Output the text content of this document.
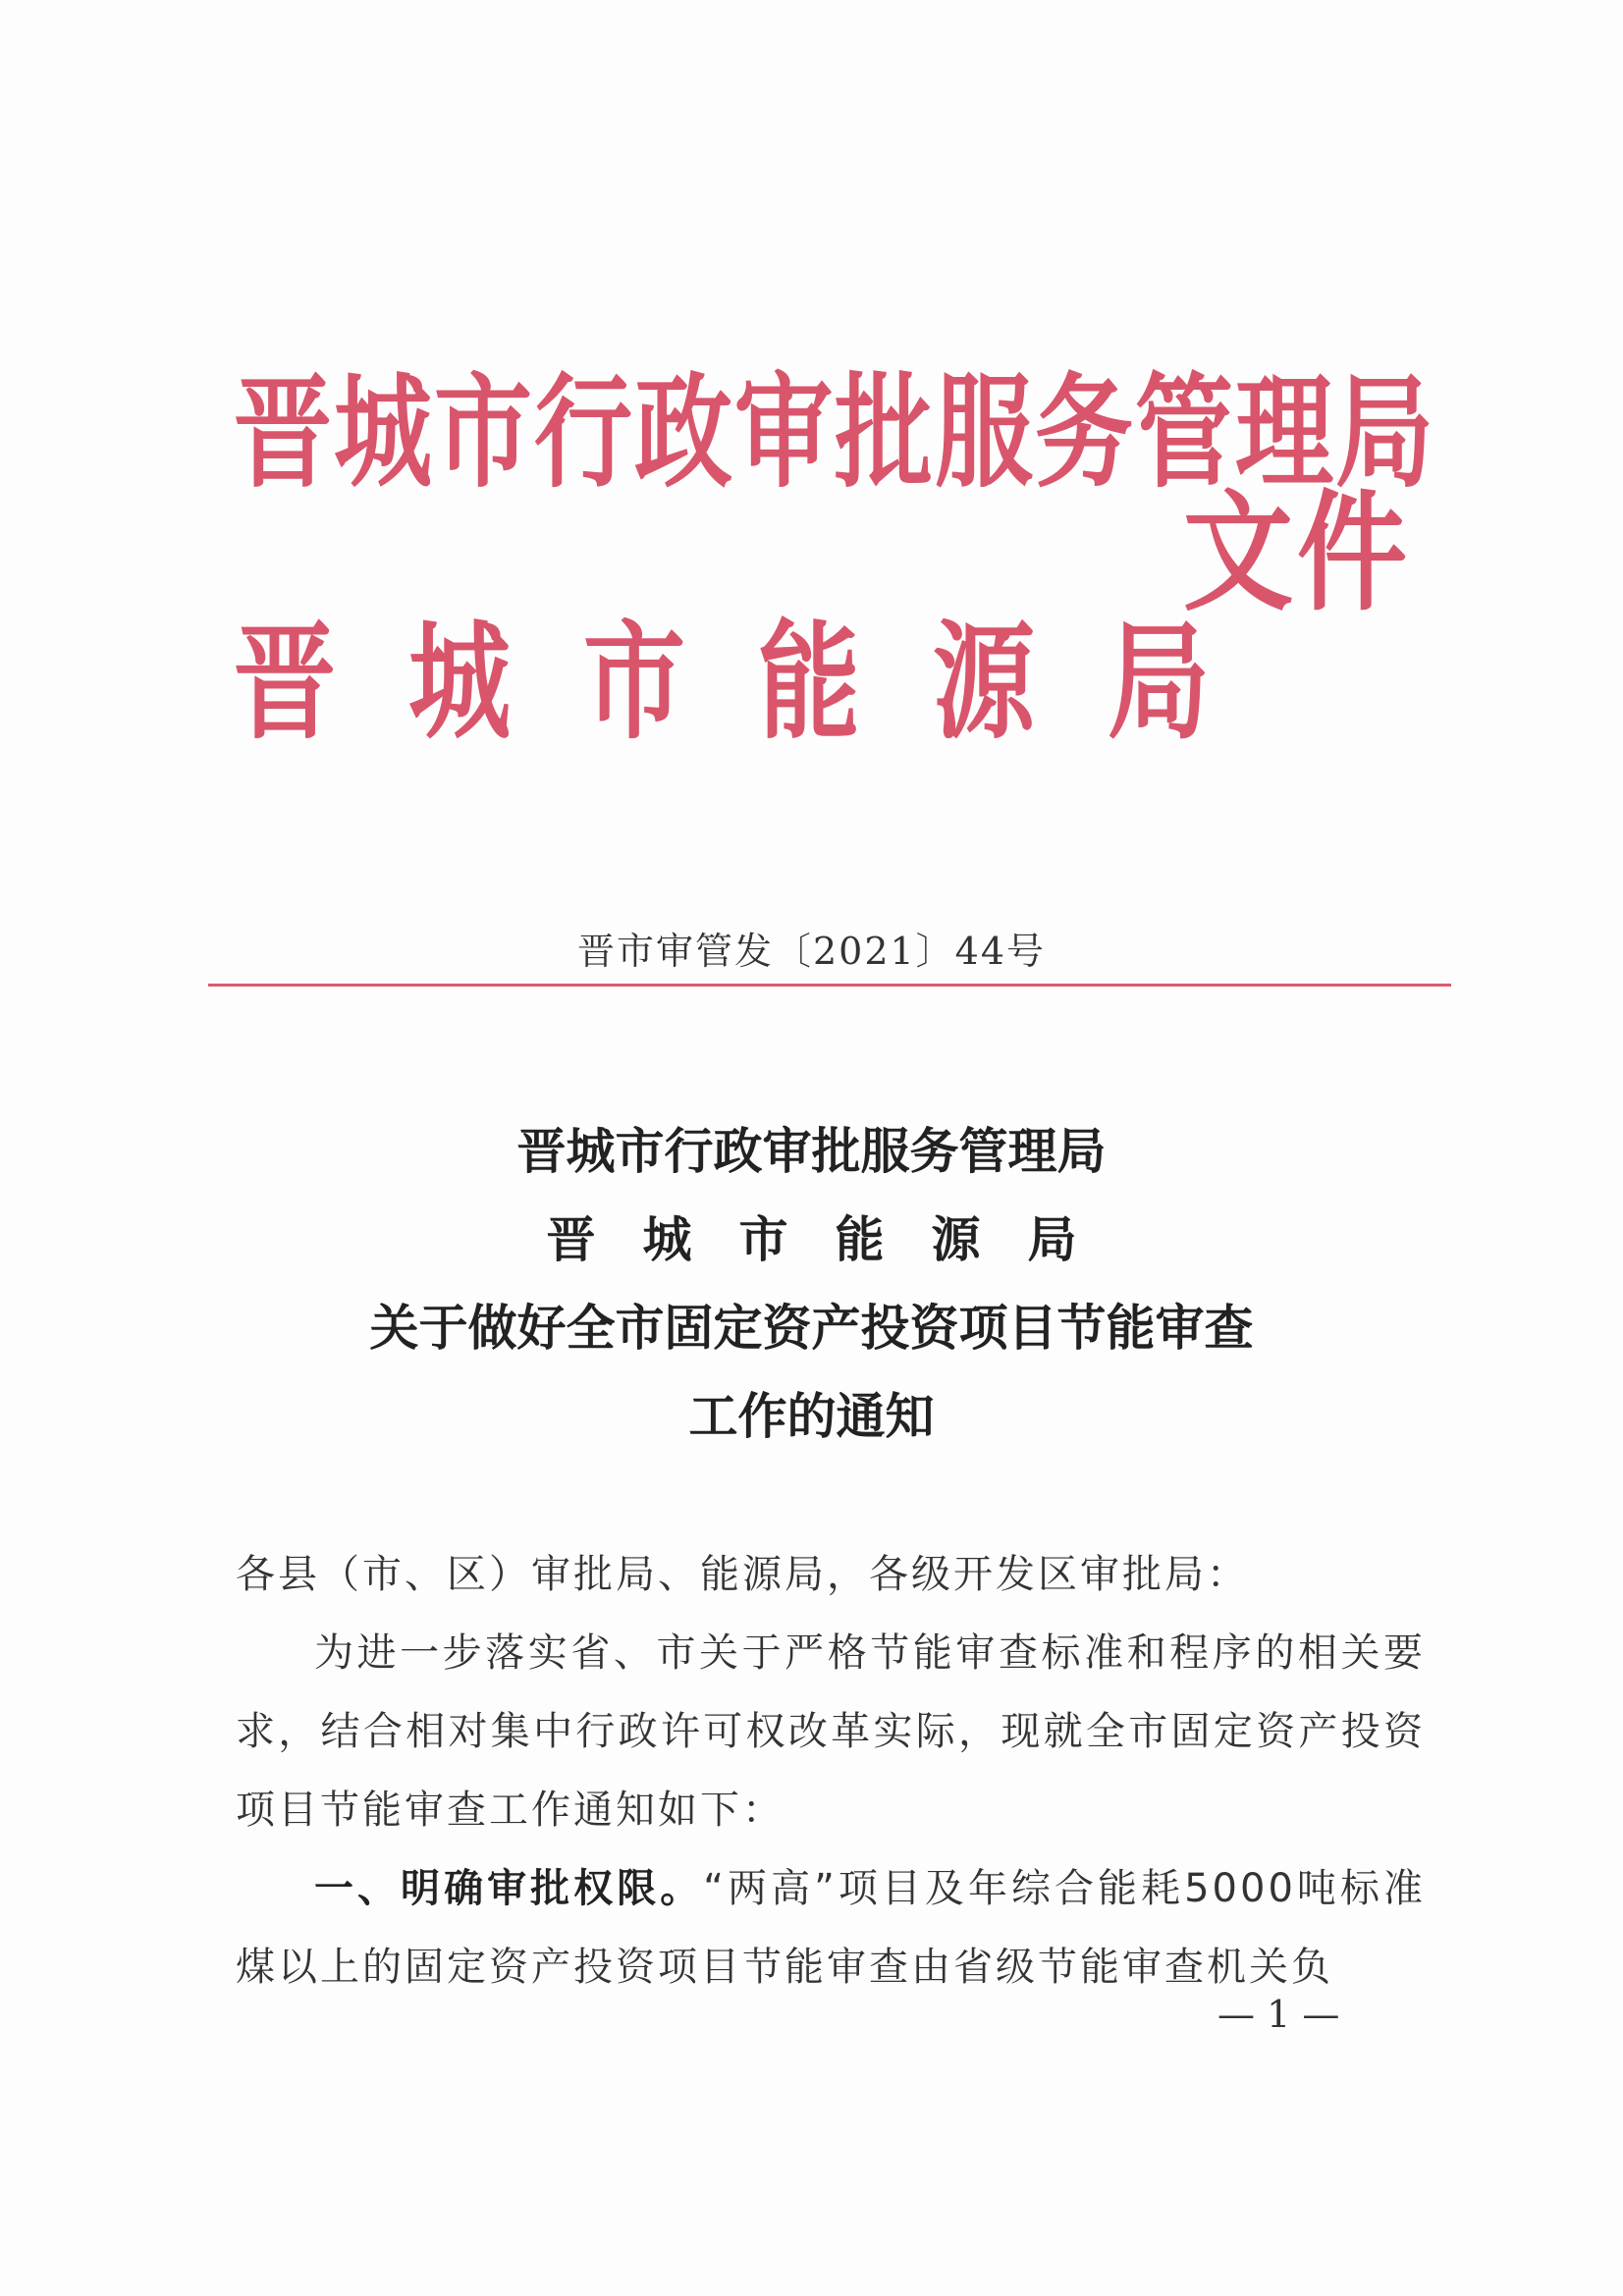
晋城市行政审批服务管理局
晋城市能源局
文件
晋市审管发〔2021〕44号
晋城市行政审批服务管理局
晋城市能源局
关于做好全市固定资产投资项目节能审查
工作的通知

各县（市、区）审批局、能源局，各级开发区审批局：

为进一步落实省、市关于严格节能审查标准和程序的相关要求，结合相对集中行政许可权改革实际，现就全市固定资产投资项目节能审查工作通知如下：

一、明确审批权限。“两高”项目及年综合能耗5000吨标准煤以上的固定资产投资项目节能审查由省级节能审查机关负

— 1 —
